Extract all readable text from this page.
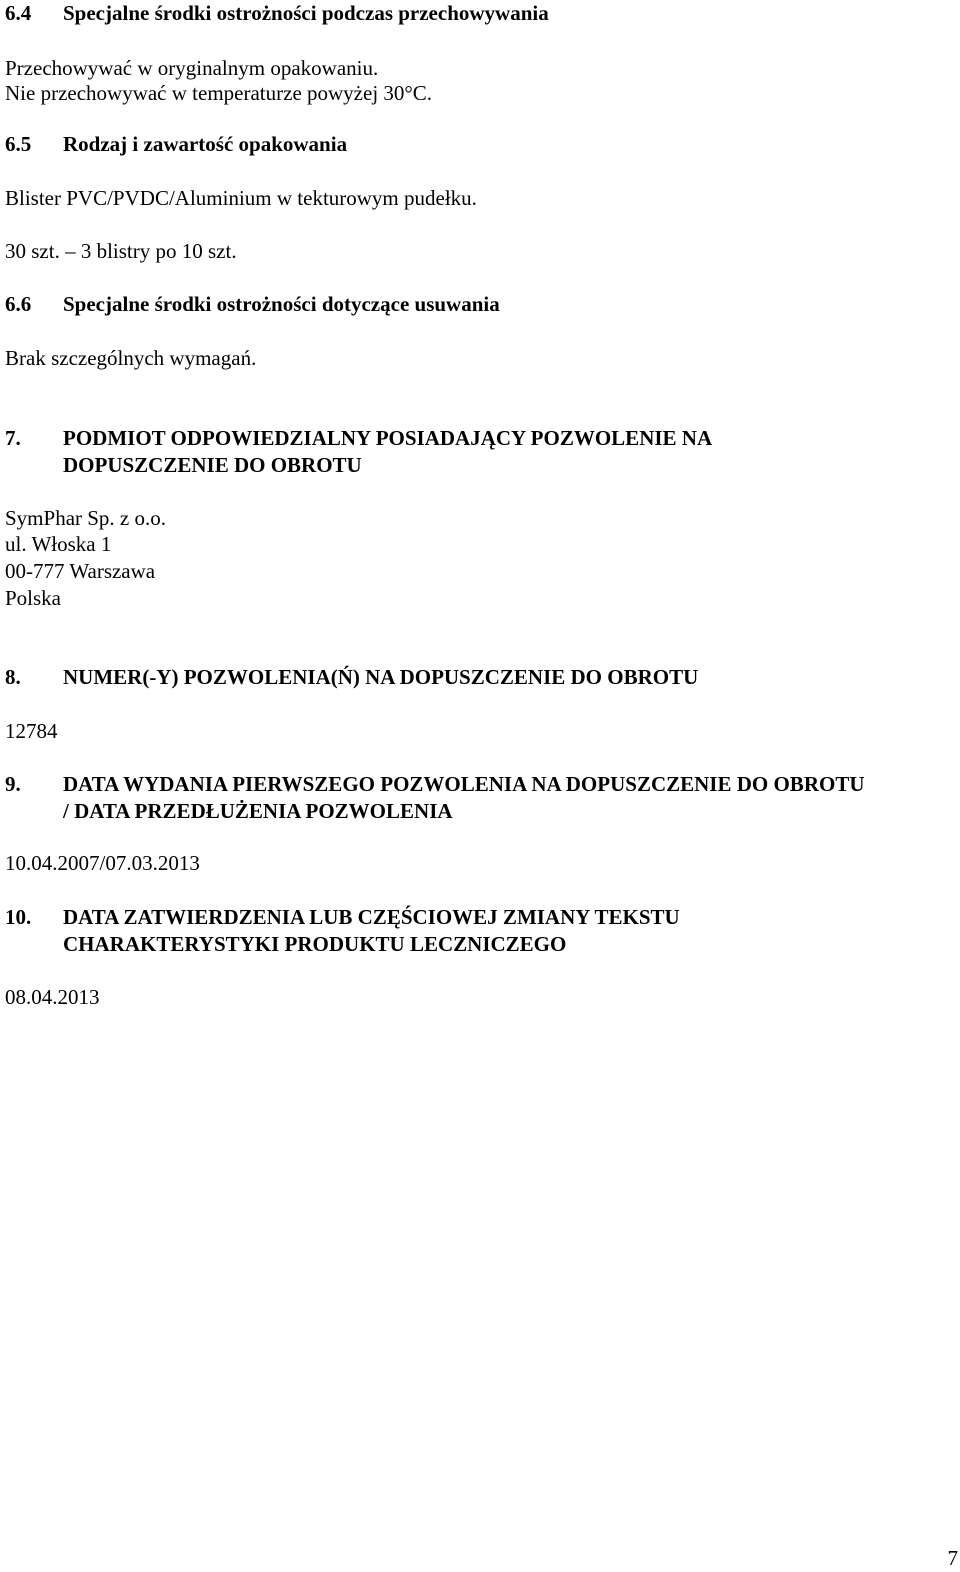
6.4 Specjalne środki ostrożności podczas przechowywania
Przechowywać w oryginalnym opakowaniu.
Nie przechowywać w temperaturze powyżej 30°C.
6.5 Rodzaj i zawartość opakowania
Blister PVC/PVDC/Aluminium w tekturowym pudełku.
30 szt. – 3 blistry po 10 szt.
6.6 Specjalne środki ostrożności dotyczące usuwania
Brak szczególnych wymagań.
7. PODMIOT ODPOWIEDZIALNY POSIADAJĄCY POZWOLENIE NA
DOPUSZCZENIE DO OBROTU
SymPhar Sp. z o.o.
ul. Włoska 1
00-777 Warszawa
Polska
8. NUMER(-Y) POZWOLENIA(Ń) NA DOPUSZCZENIE DO OBROTU
12784
9. DATA WYDANIA PIERWSZEGO POZWOLENIA NA DOPUSZCZENIE DO OBROTU
/ DATA PRZEDŁUŻENIA POZWOLENIA
10.04.2007/07.03.2013
10. DATA ZATWIERDZENIA LUB CZĘŚCIOWEJ ZMIANY TEKSTU
CHARAKTERYSTYKI PRODUKTU LECZNICZEGO
08.04.2013
7
